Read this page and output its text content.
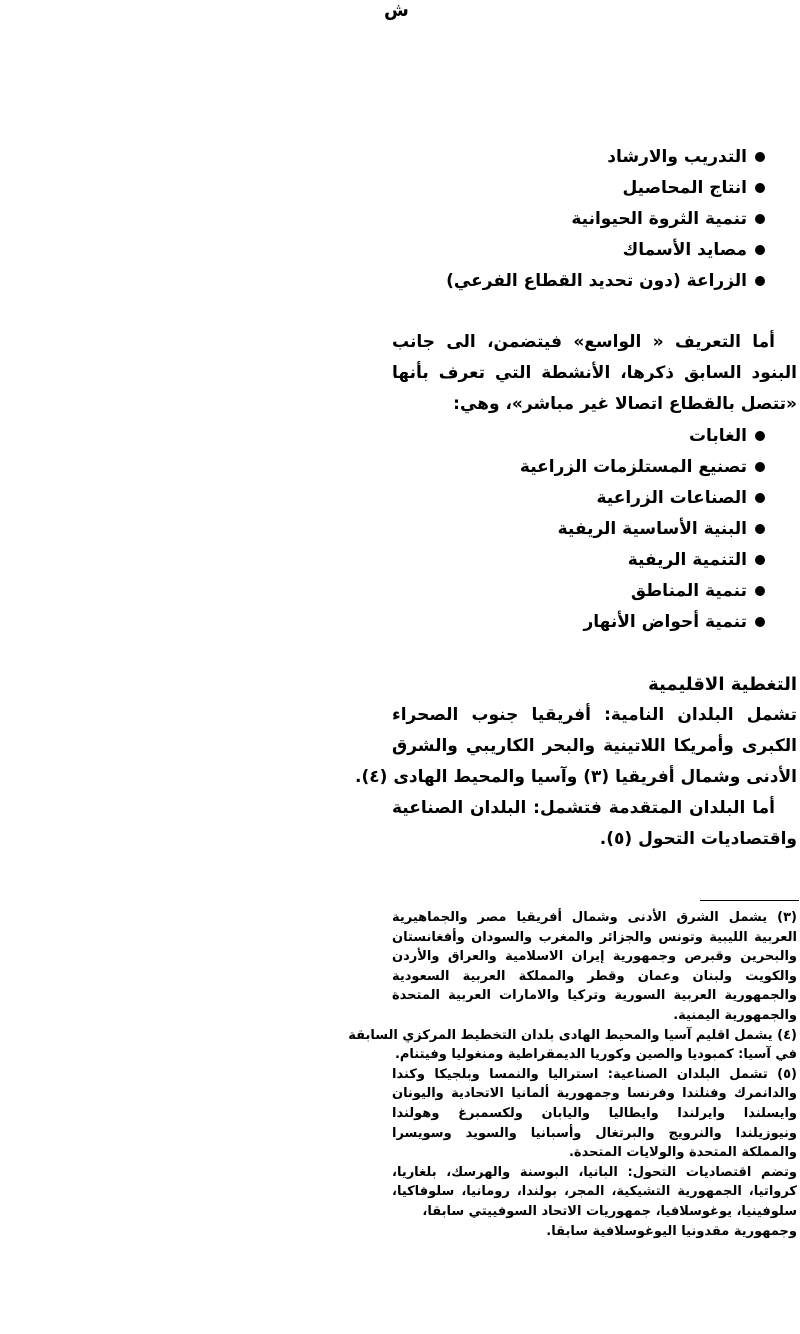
ش
التدريب والارشاد
انتاج المحاصيل
تنمية الثروة الحيوانية
مصايد الأسماك
الزراعة (دون تحديد القطاع الفرعي)
أما التعريف « الواسع» فيتضمن، الى جانب
البنود السابق ذكرها، الأنشطة التي تعرف بأنها
«تتصل بالقطاع اتصالا غير مباشر»، وهي:
الغابات
تصنيع المستلزمات الزراعية
الصناعات الزراعية
البنية الأساسية الريفية
التنمية الريفية
تنمية المناطق
تنمية أحواض الأنهار
التغطية الاقليمية
تشمل البلدان النامية: أفريقيا جنوب الصحراء
الكبرى وأمريكا اللاتينية والبحر الكاريبي والشرق
الأدنى وشمال أفريقيا (٣) وآسيا والمحيط الهادى (٤).
أما البلدان المتقدمة فتشمل: البلدان الصناعية
واقتصاديات التحول (٥).
(٣) يشمل الشرق الأدنى وشمال أفريقيا مصر والجماهيرية
العربية الليبية وتونس والجزائر والمغرب والسودان وأفغانستان
والبحرين وقبرص وجمهورية إيران الاسلامية والعراق والأردن
والكويت ولبنان وعمان وقطر والمملكة العربية السعودية
والجمهورية العربية السورية وتركيا والامارات العربية المتحدة
والجمهورية اليمنية.
(٤) يشمل اقليم آسيا والمحيط الهادى بلدان التخطيط المركزي السابقة
في آسيا: كمبوديا والصين وكوريا الديمقراطية ومنغوليا وفيتنام.
(٥) تشمل البلدان الصناعية: استراليا والنمسا وبلجيكا وكندا
والدانمرك وفنلندا وفرنسا وجمهورية ألمانيا الاتحادية واليونان
وايسلندا وايرلندا وايطاليا واليابان ولكسمبرغ وهولندا
ونيوزيلندا والنرويج والبرتغال وأسبانيا والسويد وسويسرا
والمملكة المتحدة والولايات المتحدة.
وتضم اقتصاديات التحول: البانيا، البوسنة والهرسك، بلغاريا،
كرواتيا، الجمهورية التشيكية، المجر، بولندا، رومانيا، سلوفاكيا،
سلوفينيا، يوغوسلافيا، جمهوريات الاتحاد السوفييتي سابقا،
وجمهورية مقدونيا اليوغوسلافية سابقا.
